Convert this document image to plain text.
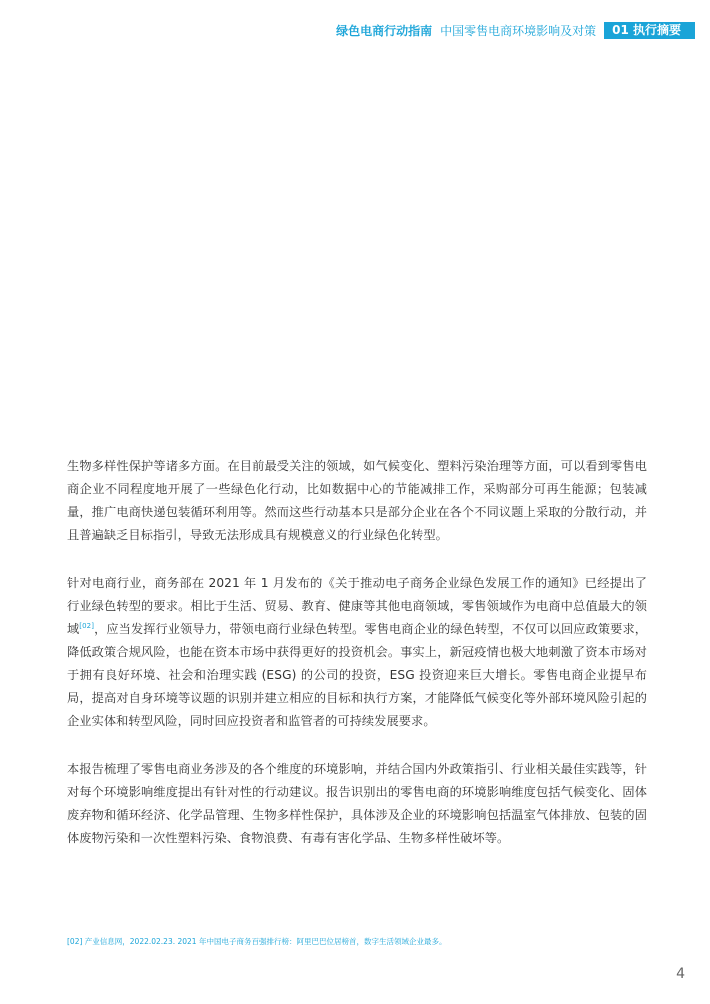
绿色电商行动指南 中国零售电商环境影响及对策	01 执行摘要

生物多样性保护等诸多方面。在目前最受关注的领域，如气候变化、塑料污染治理等方面，可以看到零售电商企业不同程度地开展了一些绿色化行动，比如数据中心的节能减排工作，采购部分可再生能源；包装减量，推广电商快递包装循环利用等。然而这些行动基本只是部分企业在各个不同议题上采取的分散行动，并且普遍缺乏目标指引，导致无法形成具有规模意义的行业绿色化转型。

针对电商行业，商务部在 2021 年 1 月发布的《关于推动电子商务企业绿色发展工作的通知》已经提出了行业绿色转型的要求。相比于生活、贸易、教育、健康等其他电商领域，零售领域作为电商中总值最大的领域[02]，应当发挥行业领导力，带领电商行业绿色转型。零售电商企业的绿色转型，不仅可以回应政策要求，降低政策合规风险，也能在资本市场中获得更好的投资机会。事实上，新冠疫情也极大地刺激了资本市场对于拥有良好环境、社会和治理实践 (ESG) 的公司的投资，ESG 投资迎来巨大增长。零售电商企业提早布局，提高对自身环境等议题的识别并建立相应的目标和执行方案，才能降低气候变化等外部环境风险引起的企业实体和转型风险，同时回应投资者和监管者的可持续发展要求。

本报告梳理了零售电商业务涉及的各个维度的环境影响，并结合国内外政策指引、行业相关最佳实践等，针对每个环境影响维度提出有针对性的行动建议。报告识别出的零售电商的环境影响维度包括气候变化、固体废弃物和循环经济、化学品管理、生物多样性保护，具体涉及企业的环境影响包括温室气体排放、包装的固体废物污染和一次性塑料污染、食物浪费、有毒有害化学品、生物多样性破坏等。

[02] 产业信息网，2022.02.23. 2021 年中国电子商务百强排行榜：阿里巴巴位居榜首，数字生活领域企业最多。
4
